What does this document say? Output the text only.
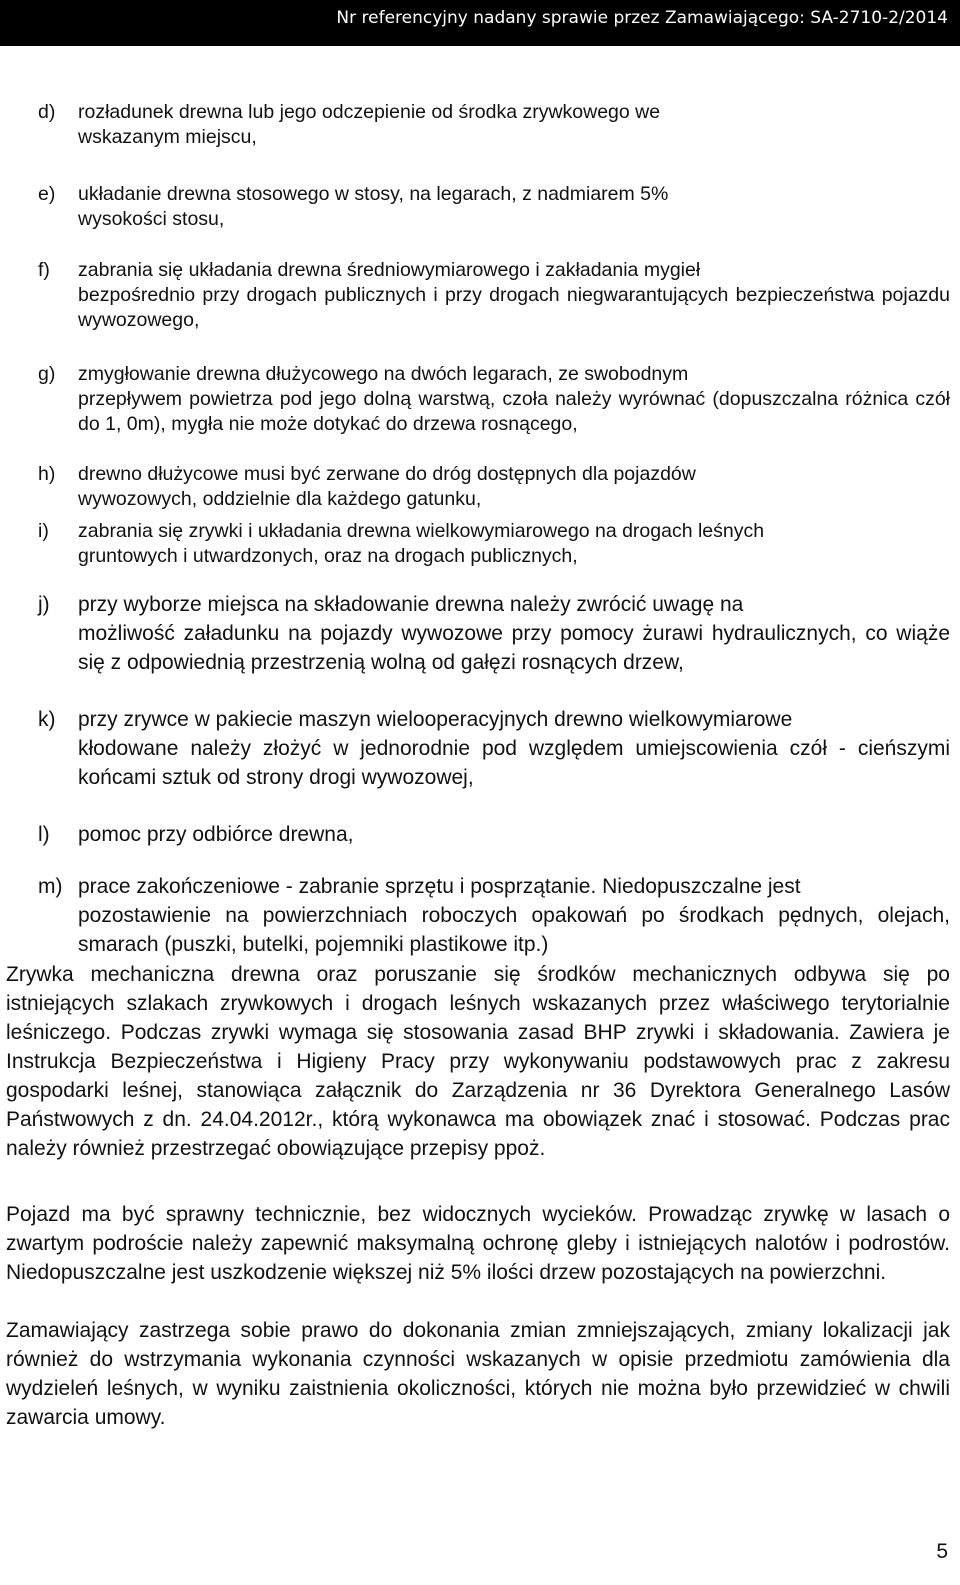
Nr referencyjny nadany sprawie przez Zamawiającego: SA-2710-2/2014

d) rozładunek drewna lub jego odczepienie od środka zrywkowego we
wskazanym miejscu,

e) układanie drewna stosowego w stosy, na legarach, z nadmiarem 5%
wysokości stosu,

f) zabrania się układania drewna średniowymiarowego i zakładania mygieł
bezpośrednio przy drogach publicznych i przy drogach niegwarantujących bezpieczeństwa pojazdu wywozowego,

g) zmygłowanie drewna dłużycowego na dwóch legarach, ze swobodnym
przepływem powietrza pod jego dolną warstwą, czoła należy wyrównać (dopuszczalna różnica czół do 1, 0m), mygła nie może dotykać do drzewa rosnącego,

h) drewno dłużycowe musi być zerwane do dróg dostępnych dla pojazdów
wywozowych, oddzielnie dla każdego gatunku,

i) zabrania się zrywki i układania drewna wielkowymiarowego na drogach leśnych
gruntowych i utwardzonych, oraz na drogach publicznych,

j) przy wyborze miejsca na składowanie drewna należy zwrócić uwagę na
możliwość załadunku na pojazdy wywozowe przy pomocy żurawi hydraulicznych, co wiąże się z odpowiednią przestrzenią wolną od gałęzi rosnących drzew,

k) przy zrywce w pakiecie maszyn wielooperacyjnych drewno wielkowymiarowe
kłodowane należy złożyć w jednorodnie pod względem umiejscowienia czół - cieńszymi końcami sztuk od strony drogi wywozowej,

l) pomoc przy odbiórce drewna,

m) prace zakończeniowe - zabranie sprzętu i posprzątanie. Niedopuszczalne jest
pozostawienie na powierzchniach roboczych opakowań po środkach pędnych, olejach, smarach (puszki, butelki, pojemniki plastikowe itp.)

Zrywka mechaniczna drewna oraz poruszanie się środków mechanicznych odbywa się po istniejących szlakach zrywkowych i drogach leśnych wskazanych przez właściwego terytorialnie leśniczego. Podczas zrywki wymaga się stosowania zasad BHP zrywki i składowania. Zawiera je Instrukcja Bezpieczeństwa i Higieny Pracy przy wykonywaniu podstawowych prac z zakresu gospodarki leśnej, stanowiąca załącznik do Zarządzenia nr 36 Dyrektora Generalnego Lasów Państwowych z dn. 24.04.2012r., którą wykonawca ma obowiązek znać i stosować. Podczas prac należy również przestrzegać obowiązujące przepisy ppoż.

Pojazd ma być sprawny technicznie, bez widocznych wycieków. Prowadząc zrywkę w lasach o zwartym podroście należy zapewnić maksymalną ochronę gleby i istniejących nalotów i podrostów. Niedopuszczalne jest uszkodzenie większej niż 5% ilości drzew pozostających na powierzchni.

Zamawiający zastrzega sobie prawo do dokonania zmian zmniejszających, zmiany lokalizacji jak również do wstrzymania wykonania czynności wskazanych w opisie przedmiotu zamówienia dla wydzieleń leśnych, w wyniku zaistnienia okoliczności, których nie można było przewidzieć w chwili zawarcia umowy.

5
